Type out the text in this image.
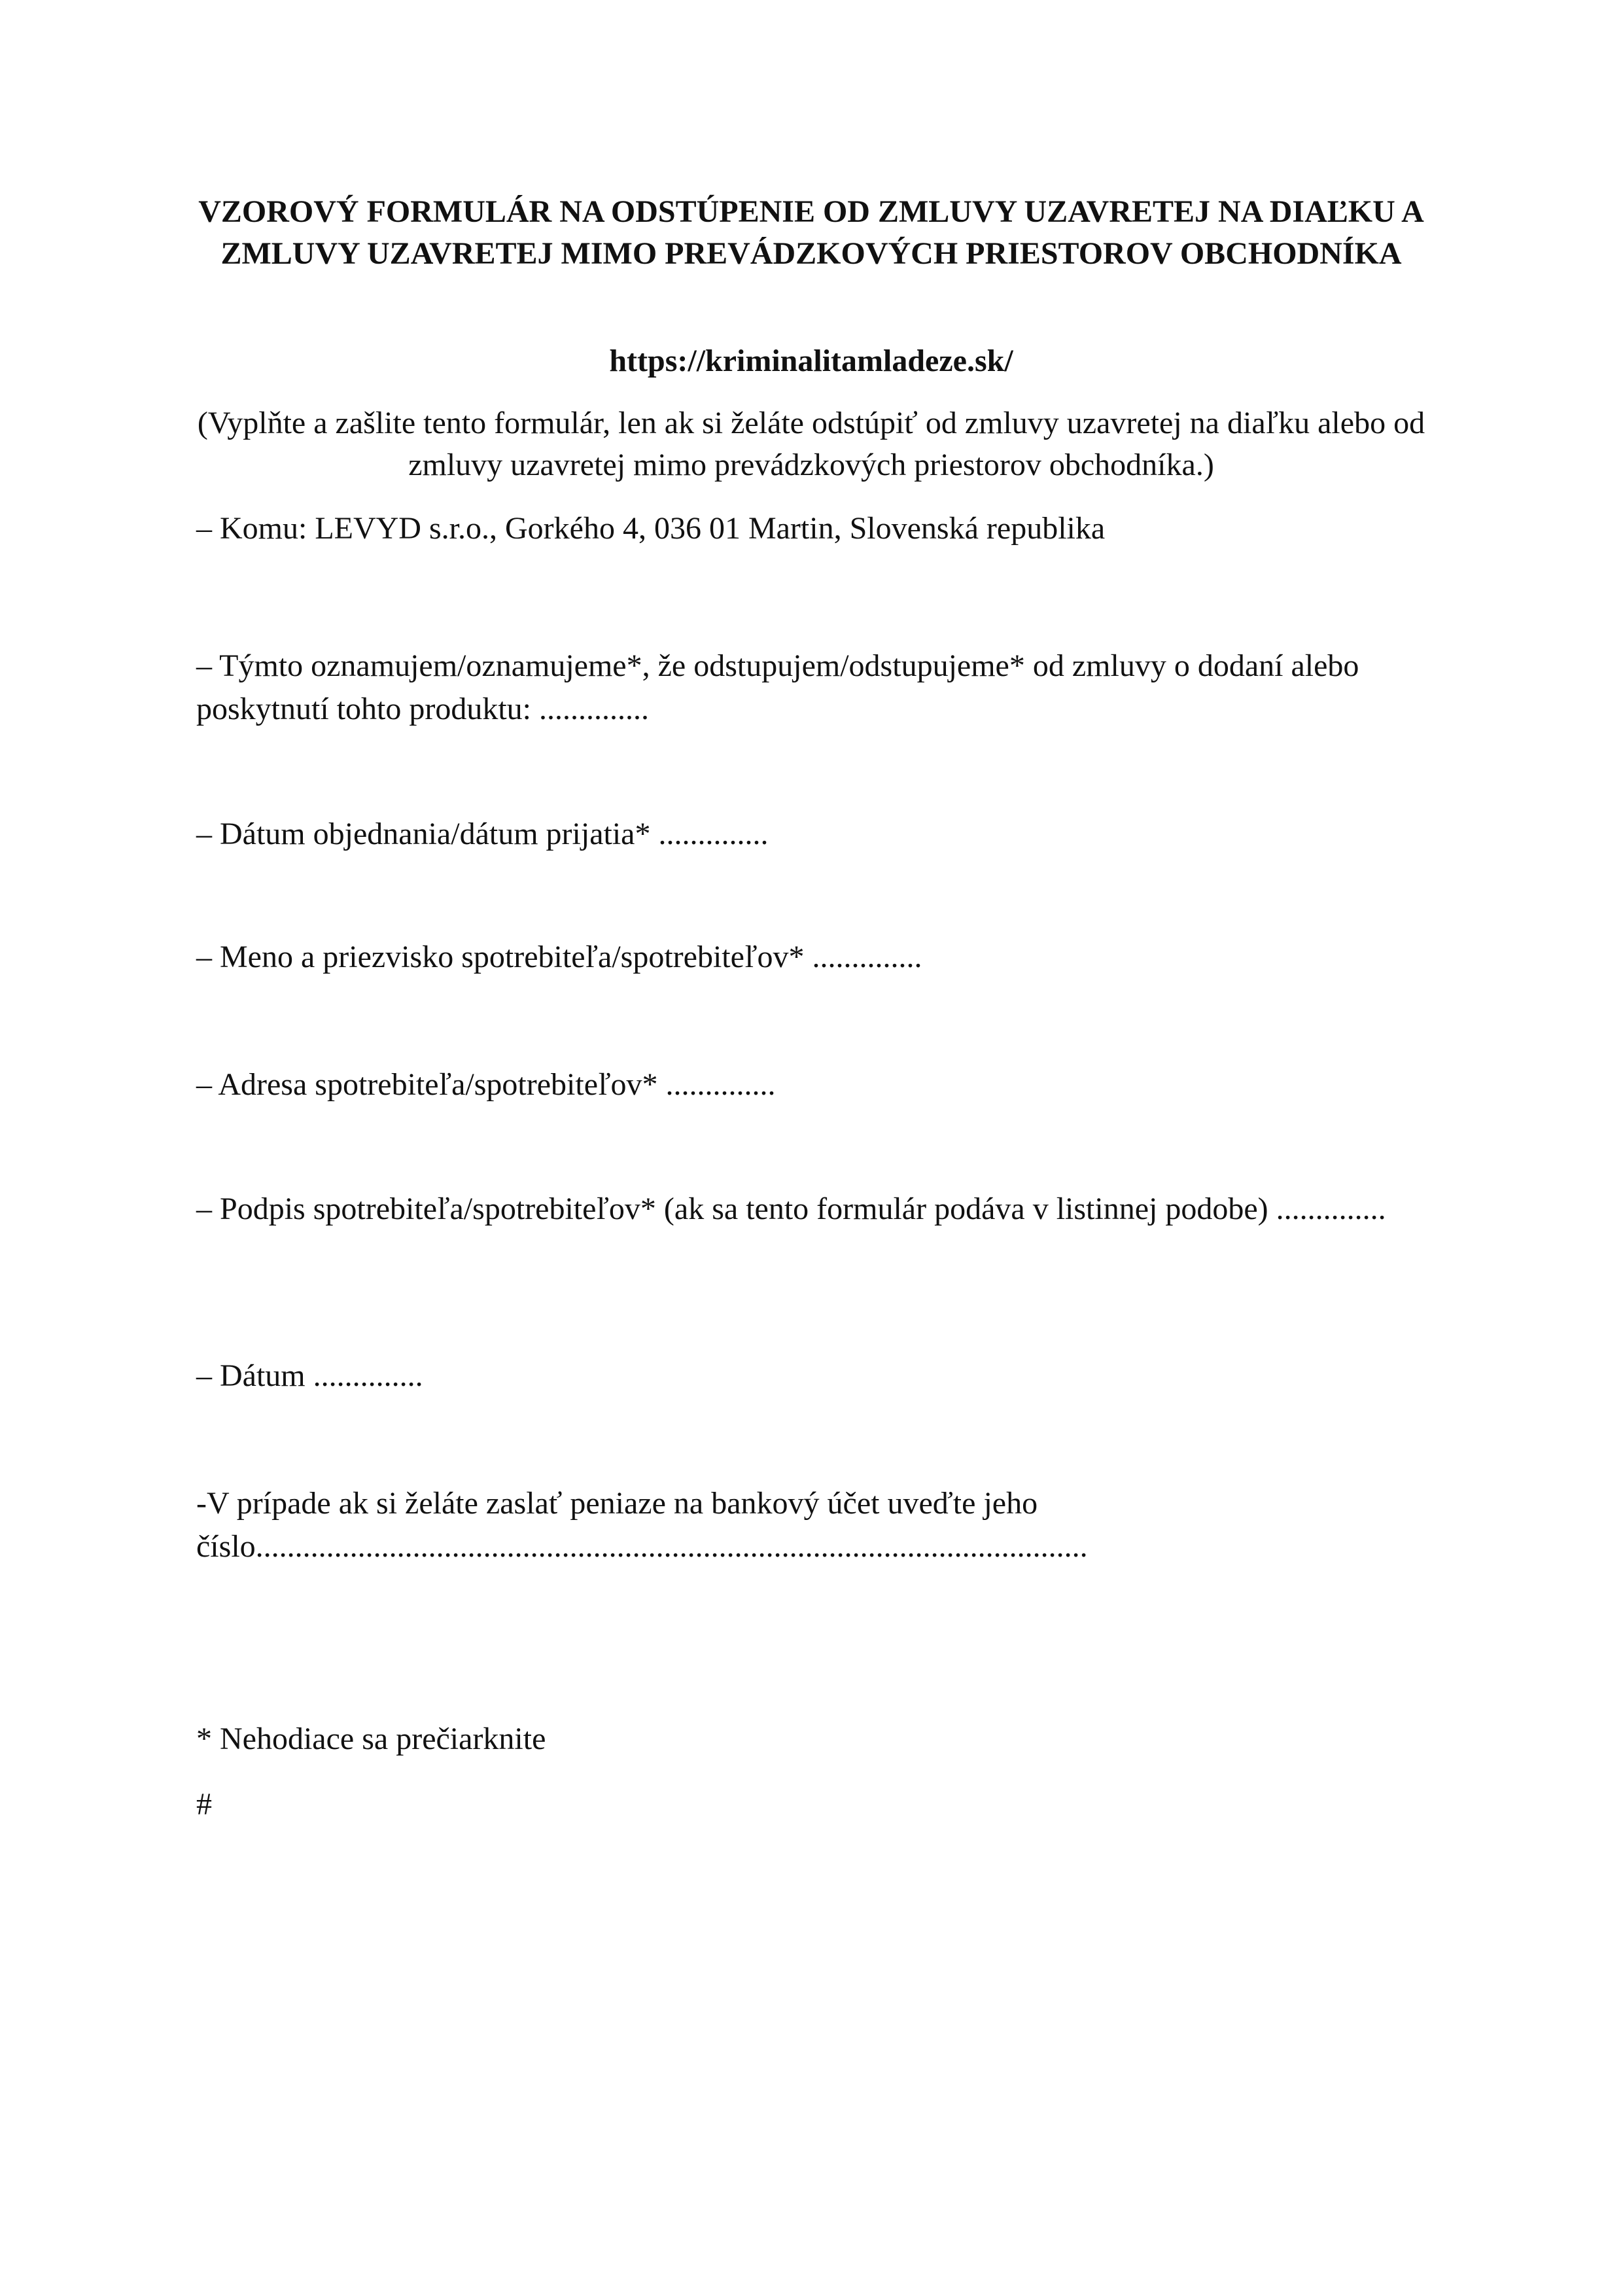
VZOROVÝ FORMULÁR NA ODSTÚPENIE OD ZMLUVY UZAVRETEJ NA DIAĽKU A ZMLUVY UZAVRETEJ MIMO PREVÁDZKOVÝCH PRIESTOROV OBCHODNÍKA
https://kriminalitamladeze.sk/
(Vyplňte a zašlite tento formulár, len ak si želáte odstúpiť od zmluvy uzavretej na diaľku alebo od zmluvy uzavretej mimo prevádzkových priestorov obchodníka.)
– Komu: LEVYD s.r.o., Gorkého 4, 036 01 Martin, Slovenská republika
– Týmto oznamujem/oznamujeme*, že odstupujem/odstupujeme* od zmluvy o dodaní alebo poskytnutí tohto produktu: ..............
– Dátum objednania/dátum prijatia* ..............
– Meno a priezvisko spotrebiteľa/spotrebiteľov* ..............
– Adresa spotrebiteľa/spotrebiteľov* ..............
– Podpis spotrebiteľa/spotrebiteľov* (ak sa tento formulár podáva v listinnej podobe) ..............
– Dátum ..............
-V prípade ak si želáte zaslať peniaze na bankový účet uveďte jeho číslo..........................................................................................................
* Nehodiace sa prečiarknite
#
